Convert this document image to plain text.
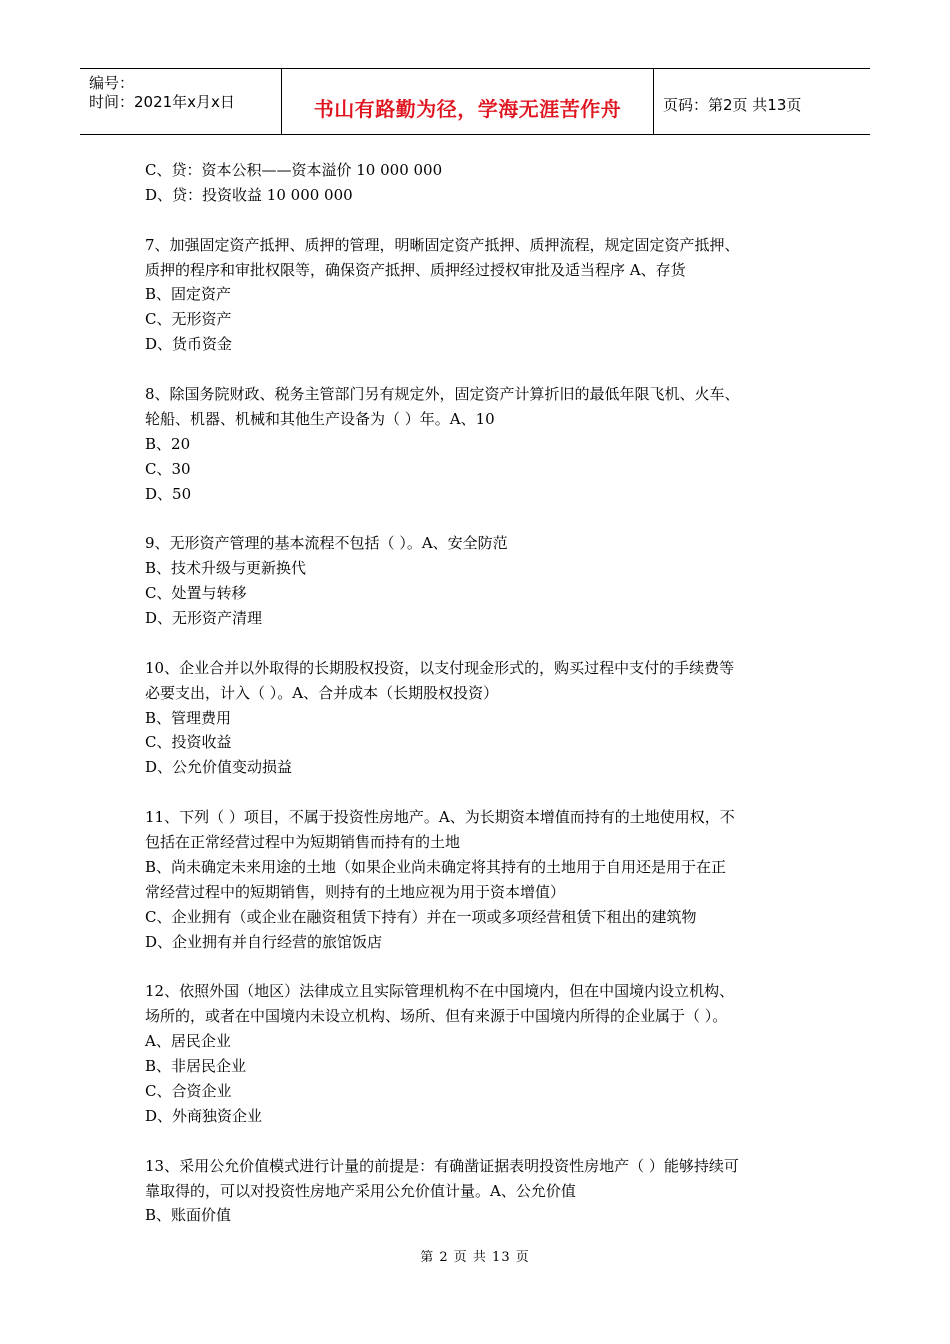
编号：
时间：2021年x月x日	书山有路勤为径，学海无涯苦作舟	页码：第2页 共13页
C、贷：资本公积——资本溢价 10 000 000
D、贷：投资收益 10 000 000
7、加强固定资产抵押、质押的管理，明晰固定资产抵押、质押流程，规定固定资产抵押、
质押的程序和审批权限等，确保资产抵押、质押经过授权审批及适当程序 A、存货
B、固定资产
C、无形资产
D、货币资金
8、除国务院财政、税务主管部门另有规定外，固定资产计算折旧的最低年限飞机、火车、
轮船、机器、机械和其他生产设备为（ ）年。A、10
B、20
C、30
D、50
9、无形资产管理的基本流程不包括（ ）。A、安全防范
B、技术升级与更新换代
C、处置与转移
D、无形资产清理
10、企业合并以外取得的长期股权投资，以支付现金形式的，购买过程中支付的手续费等
必要支出，计入（ ）。A、合并成本（长期股权投资）
B、管理费用
C、投资收益
D、公允价值变动损益
11、下列（ ）项目，不属于投资性房地产。A、为长期资本增值而持有的土地使用权，不
包括在正常经营过程中为短期销售而持有的土地
B、尚未确定未来用途的土地（如果企业尚未确定将其持有的土地用于自用还是用于在正
常经营过程中的短期销售，则持有的土地应视为用于资本增值）
C、企业拥有（或企业在融资租赁下持有）并在一项或多项经营租赁下租出的建筑物
D、企业拥有并自行经营的旅馆饭店
12、依照外国（地区）法律成立且实际管理机构不在中国境内，但在中国境内设立机构、
场所的，或者在中国境内未设立机构、场所、但有来源于中国境内所得的企业属于（ ）。
A、居民企业
B、非居民企业
C、合资企业
D、外商独资企业
13、采用公允价值模式进行计量的前提是：有确凿证据表明投资性房地产（ ）能够持续可
靠取得的，可以对投资性房地产采用公允价值计量。A、公允价值
B、账面价值
第 2 页 共 13 页
